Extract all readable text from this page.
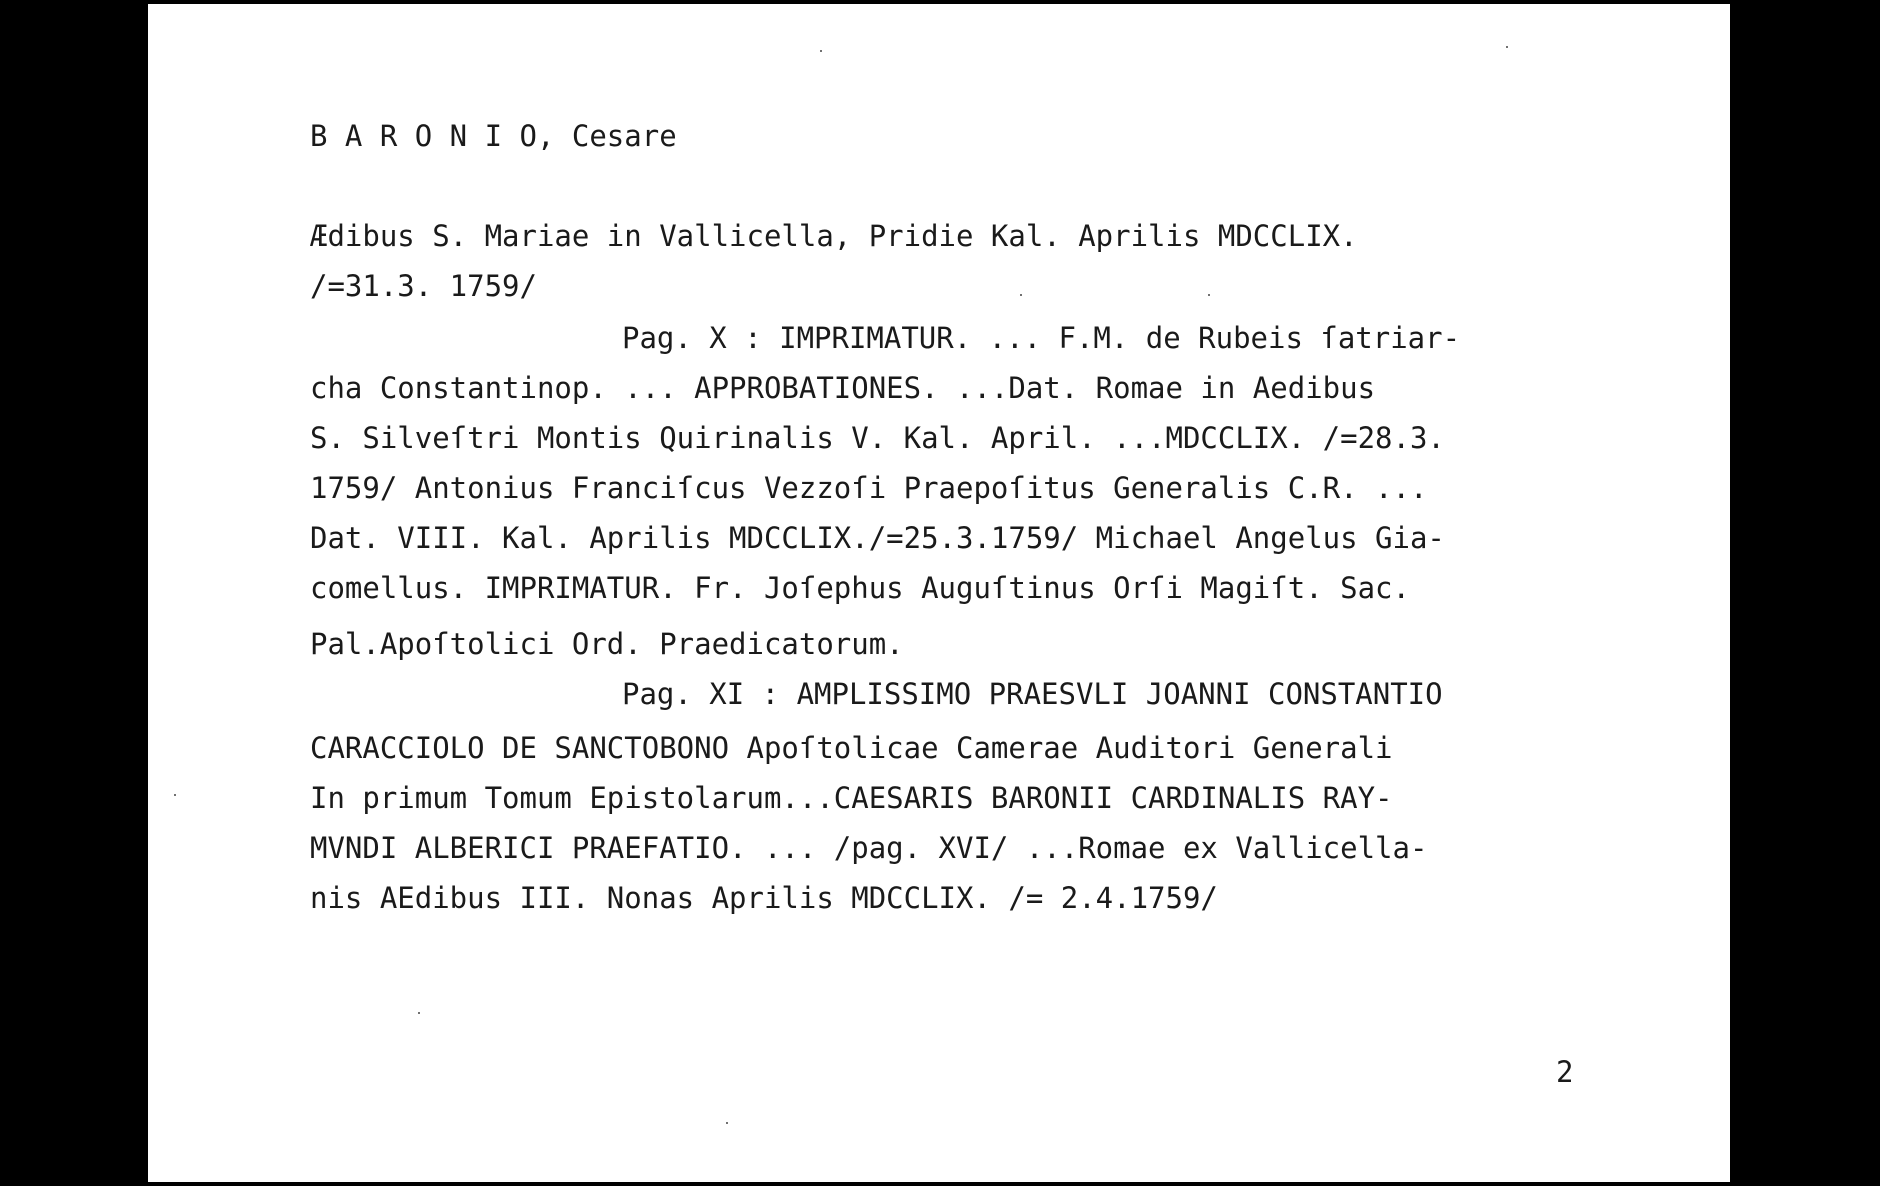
B A R O N I O, Cesare
Ædibus S. Mariae in Vallicella, Pridie Kal. Aprilis MDCCLIX.
/=31.3. 1759/
Pag. X : IMPRIMATUR. ... F.M. de Rubeis ſatriar-
cha Constantinop. ... APPROBATIONES. ...Dat. Romae in Aedibus
S. Silveſtri Montis Quirinalis V. Kal. April. ...MDCCLIX. /=28.3.
1759/ Antonius Franciſcus Vezzoſi Praepoſitus Generalis C.R. ...
Dat. VIII. Kal. Aprilis MDCCLIX./=25.3.1759/ Michael Angelus Gia-
comellus. IMPRIMATUR. Fr. Joſephus Auguſtinus Orſi Magiſt. Sac.
Pal.Apoſtolici Ord. Praedicatorum.
Pag. XI : AMPLISSIMO PRAESVLI JOANNI CONSTANTIO
CARACCIOLO DE SANCTOBONO Apoſtolicae Camerae Auditori Generali
In primum Tomum Epistolarum...CAESARIS BARONII CARDINALIS RAY-
MVNDI ALBERICI PRAEFATIO. ... /pag. XVI/ ...Romae ex Vallicella-
nis AEdibus III. Nonas Aprilis MDCCLIX. /= 2.4.1759/
2
